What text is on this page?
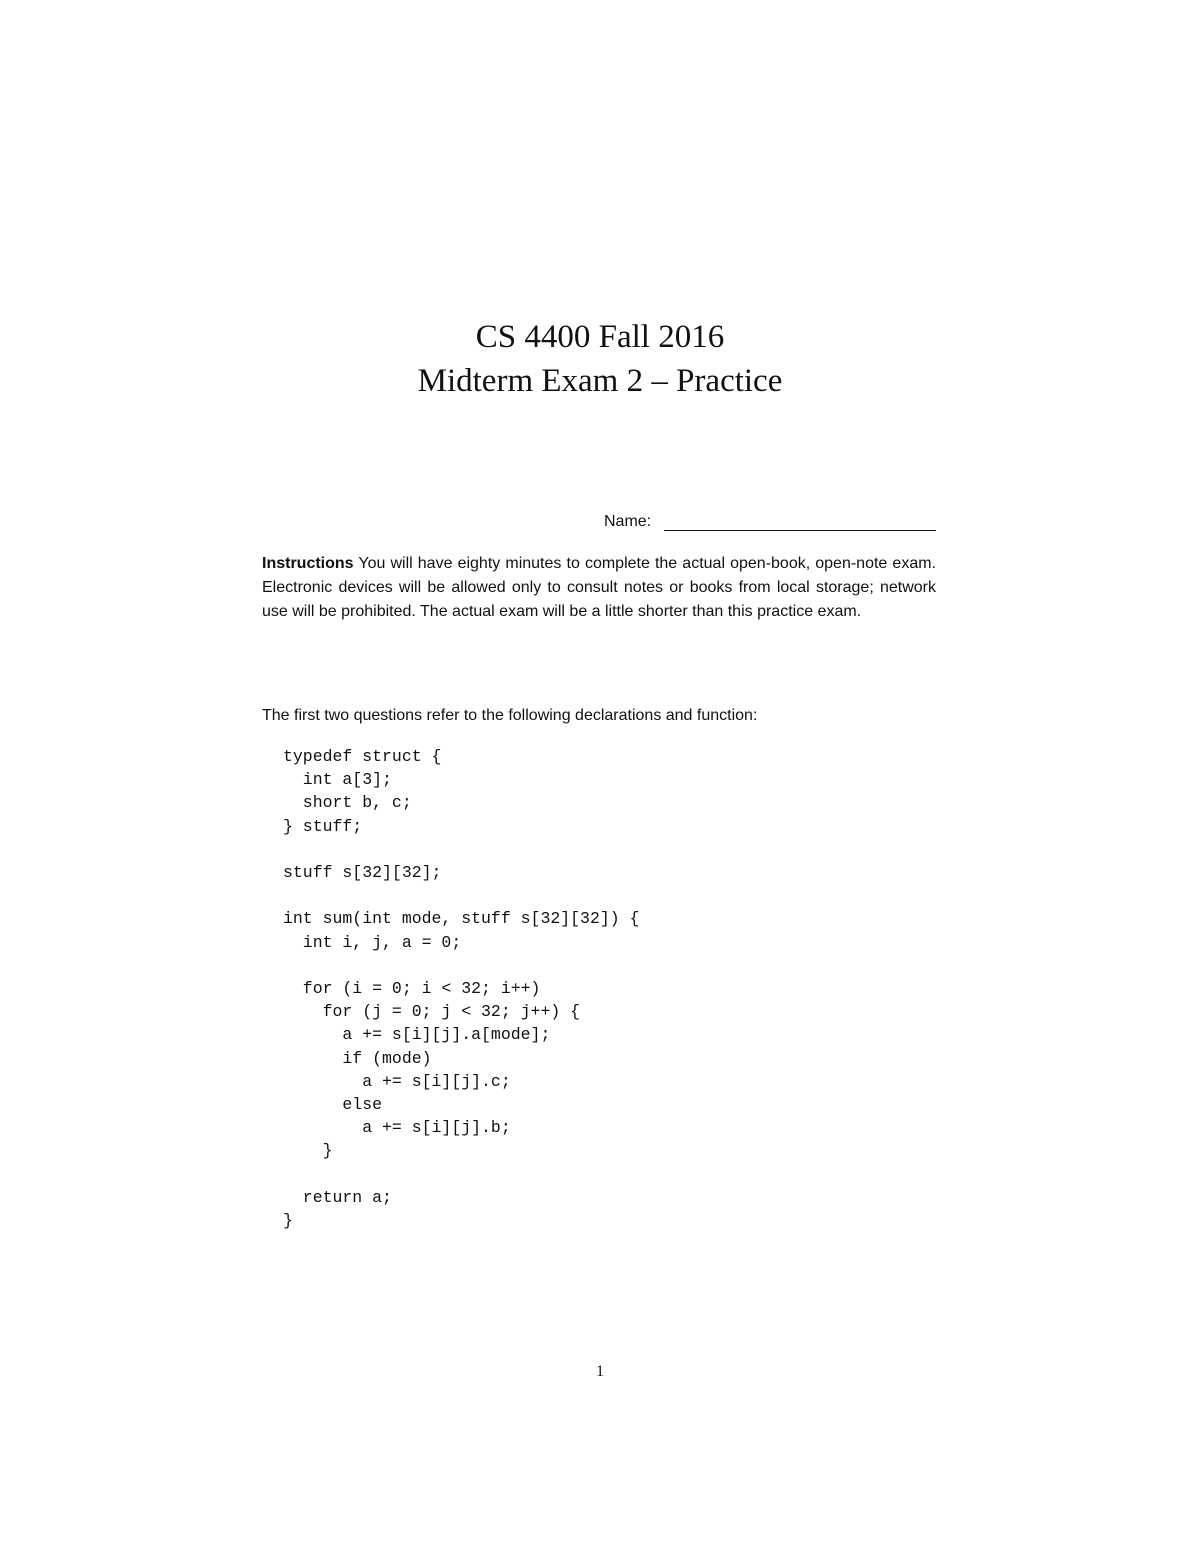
CS 4400 Fall 2016
Midterm Exam 2 – Practice
Name:

Instructions You will have eighty minutes to complete the actual open-book, open-note exam. Electronic devices will be allowed only to consult notes or books from local storage; network use will be prohibited. The actual exam will be a little shorter than this practice exam.

The first two questions refer to the following declarations and function:

typedef struct {
int a[3];
short b, c;
} stuff;

stuff s[32][32];

int sum(int mode, stuff s[32][32]) {
int i, j, a = 0;

for (i = 0; i < 32; i++)
for (j = 0; j < 32; j++) {
a += s[i][j].a[mode];
if (mode)
a += s[i][j].c;
else
a += s[i][j].b;
}

return a;
}
1
